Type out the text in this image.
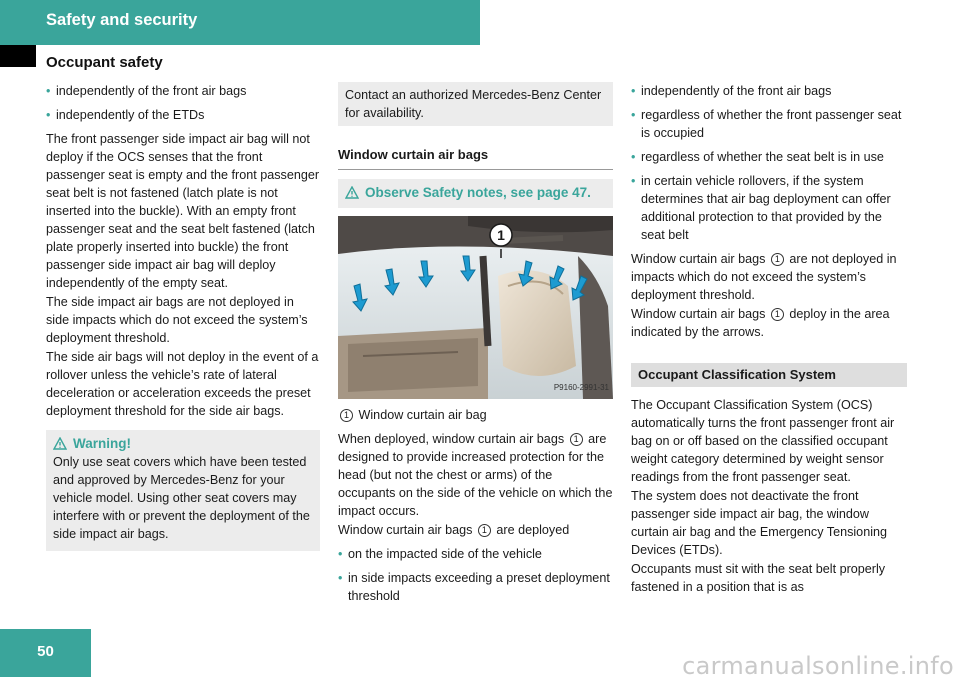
Safety and security
Occupant safety
• independently of the front air bags
• independently of the ETDs

The front passenger side impact air bag will not deploy if the OCS senses that the front passenger seat is empty and the front passenger seat belt is not fastened (latch plate is not inserted into the buckle). With an empty front passenger seat and the seat belt fastened (latch plate properly inserted into buckle) the front passenger side impact air bag will deploy independently of the empty seat.

The side impact air bags are not deployed in side impacts which do not exceed the system’s deployment threshold.

The side air bags will not deploy in the event of a rollover unless the vehicle’s rate of lateral deceleration or acceleration exceeds the preset deployment threshold for the side air bags.

Warning!
Only use seat covers which have been tested and approved by Mercedes-Benz for your vehicle model. Using other seat covers may interfere with or prevent the deployment of the side impact air bags.
Contact an authorized Mercedes-Benz Center for availability.
Window curtain air bags
Observe Safety notes, see page 47.
1
P9160-2991-31

1 Window curtain air bag

When deployed, window curtain air bags 1 are designed to provide increased protection for the head (but not the chest or arms) of the occupants on the side of the vehicle on which the impact occurs.

Window curtain air bags 1 are deployed

• on the impacted side of the vehicle
• in side impacts exceeding a preset deployment threshold
• independently of the front air bags
• regardless of whether the front passenger seat is occupied
• regardless of whether the seat belt is in use
• in certain vehicle rollovers, if the system determines that air bag deployment can offer additional protection to that provided by the seat belt

Window curtain air bags 1 are not deployed in impacts which do not exceed the system’s deployment threshold.

Window curtain air bags 1 deploy in the area indicated by the arrows.

Occupant Classification System

The Occupant Classification System (OCS) automatically turns the front passenger front air bag on or off based on the classified occupant weight category determined by weight sensor readings from the front passenger seat.

The system does not deactivate the front passenger side impact air bag, the window curtain air bag and the Emergency Tensioning Devices (ETDs).

Occupants must sit with the seat belt properly fastened in a position that is as

50
carmanualsonline.info
